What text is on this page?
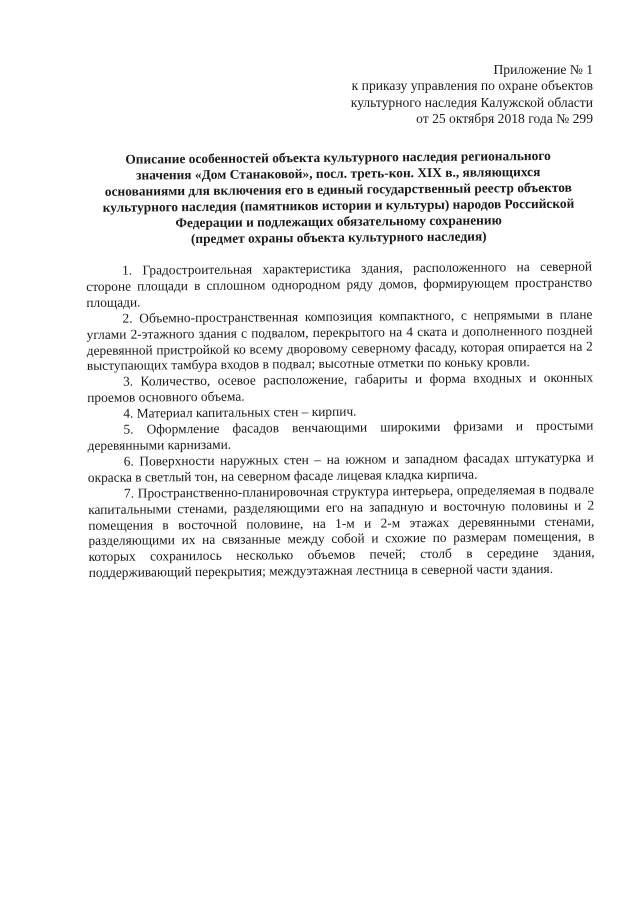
Приложение № 1
к приказу управления по охране объектов
культурного наследия Калужской области
от 25 октября 2018 года № 299
Описание особенностей объекта культурного наследия регионального
значения «Дом Станаковой», посл. треть-кон. XIX в., являющихся
основаниями для включения его в единый государственный реестр объектов
культурного наследия (памятников истории и культуры) народов Российской
Федерации и подлежащих обязательному сохранению
(предмет охраны объекта культурного наследия)

1. Градостроительная характеристика здания, расположенного на северной стороне площади в сплошном однородном ряду домов, формирующем пространство площади.

2. Объемно-пространственная композиция компактного, с непрямыми в плане углами 2-этажного здания с подвалом, перекрытого на 4 ската и дополненного поздней деревянной пристройкой ко всему дворовому северному фасаду, которая опирается на 2 выступающих тамбура входов в подвал; высотные отметки по коньку кровли.

3. Количество, осевое расположение, габариты и форма входных и оконных проемов основного объема.

4. Материал капитальных стен – кирпич.

5. Оформление фасадов венчающими широкими фризами и простыми деревянными карнизами.

6. Поверхности наружных стен – на южном и западном фасадах штукатурка и окраска в светлый тон, на северном фасаде лицевая кладка кирпича.

7. Пространственно-планировочная структура интерьера, определяемая в подвале капитальными стенами, разделяющими его на западную и восточную половины и 2 помещения в восточной половине, на 1-м и 2-м этажах деревянными стенами, разделяющими их на связанные между собой и схожие по размерам помещения, в которых сохранилось несколько объемов печей; столб в середине здания, поддерживающий перекрытия; междуэтажная лестница в северной части здания.
